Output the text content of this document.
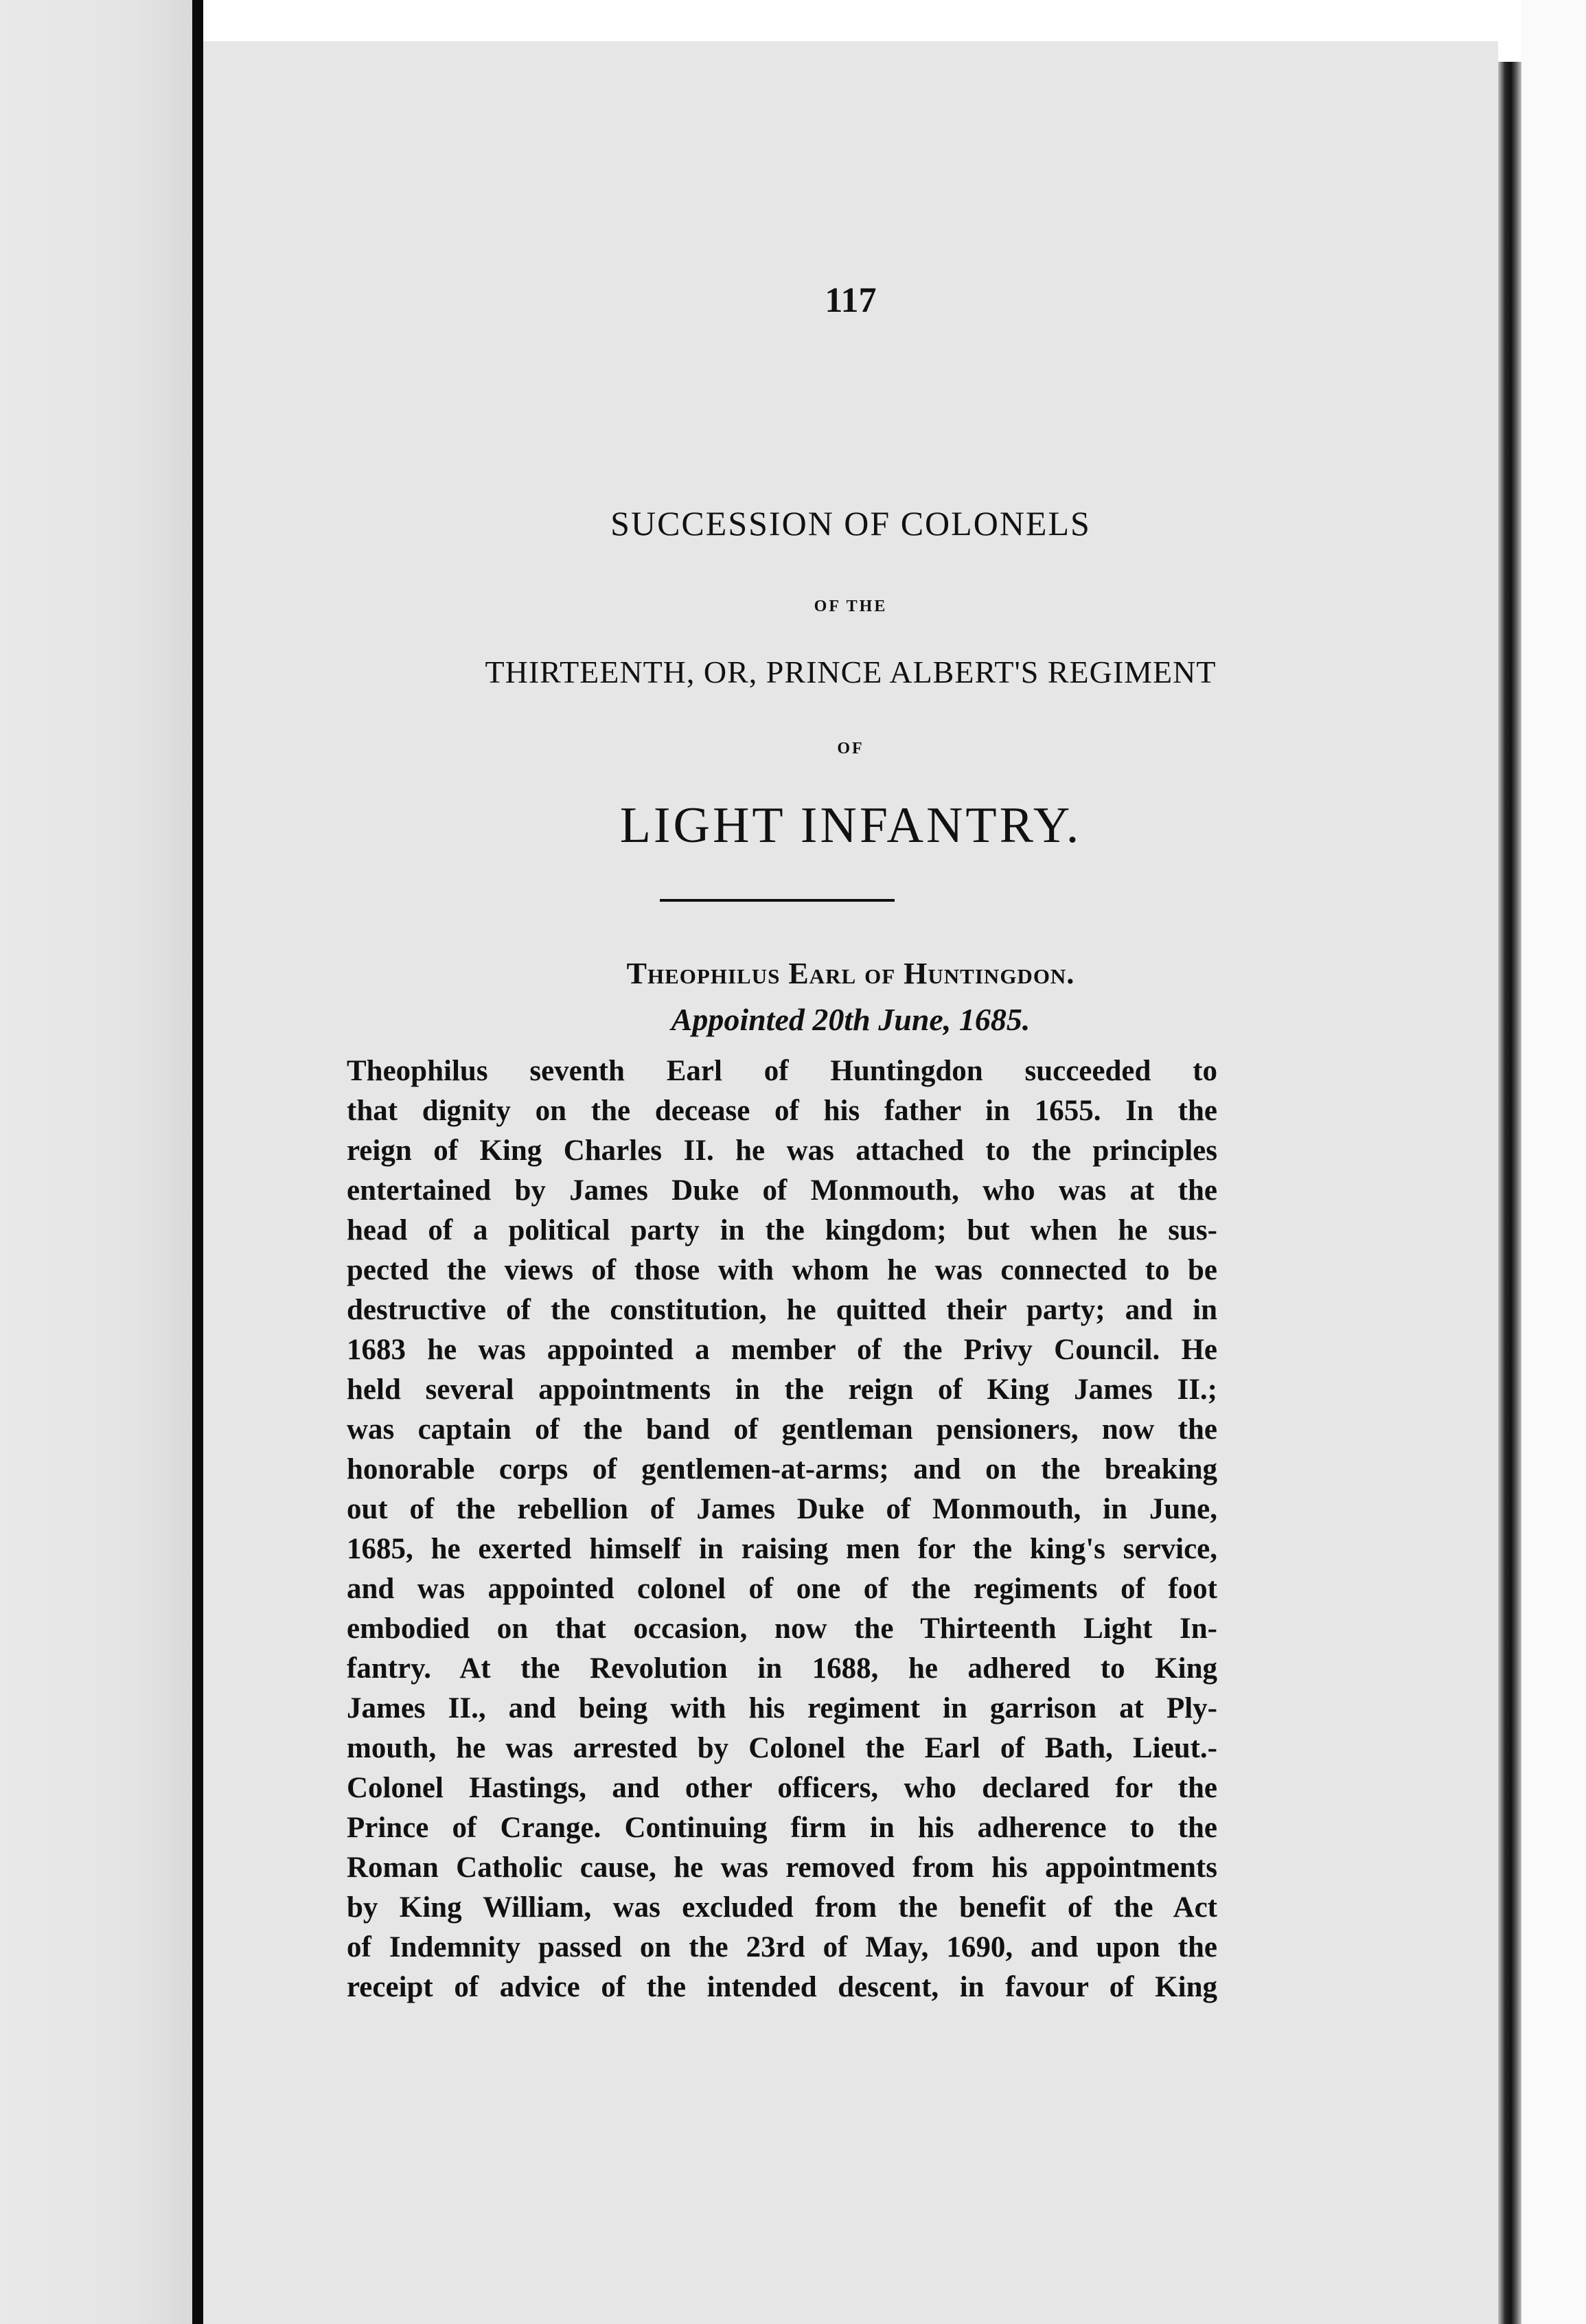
117
SUCCESSION OF COLONELS
OF THE
THIRTEENTH, OR, PRINCE ALBERT'S REGIMENT
OF
LIGHT INFANTRY.
Theophilus Earl of Huntingdon.
Appointed 20th June, 1685.
Theophilus seventh Earl of Huntingdon succeeded to
that dignity on the decease of his father in 1655. In the
reign of King Charles II. he was attached to the principles
entertained by James Duke of Monmouth, who was at the
head of a political party in the kingdom; but when he sus-
pected the views of those with whom he was connected to be
destructive of the constitution, he quitted their party; and in
1683 he was appointed a member of the Privy Council. He
held several appointments in the reign of King James II.;
was captain of the band of gentleman pensioners, now the
honorable corps of gentlemen-at-arms; and on the breaking
out of the rebellion of James Duke of Monmouth, in June,
1685, he exerted himself in raising men for the king's service,
and was appointed colonel of one of the regiments of foot
embodied on that occasion, now the Thirteenth Light In-
fantry. At the Revolution in 1688, he adhered to King
James II., and being with his regiment in garrison at Ply-
mouth, he was arrested by Colonel the Earl of Bath, Lieut.-
Colonel Hastings, and other officers, who declared for the
Prince of Crange. Continuing firm in his adherence to the
Roman Catholic cause, he was removed from his appointments
by King William, was excluded from the benefit of the Act
of Indemnity passed on the 23rd of May, 1690, and upon the
receipt of advice of the intended descent, in favour of King
